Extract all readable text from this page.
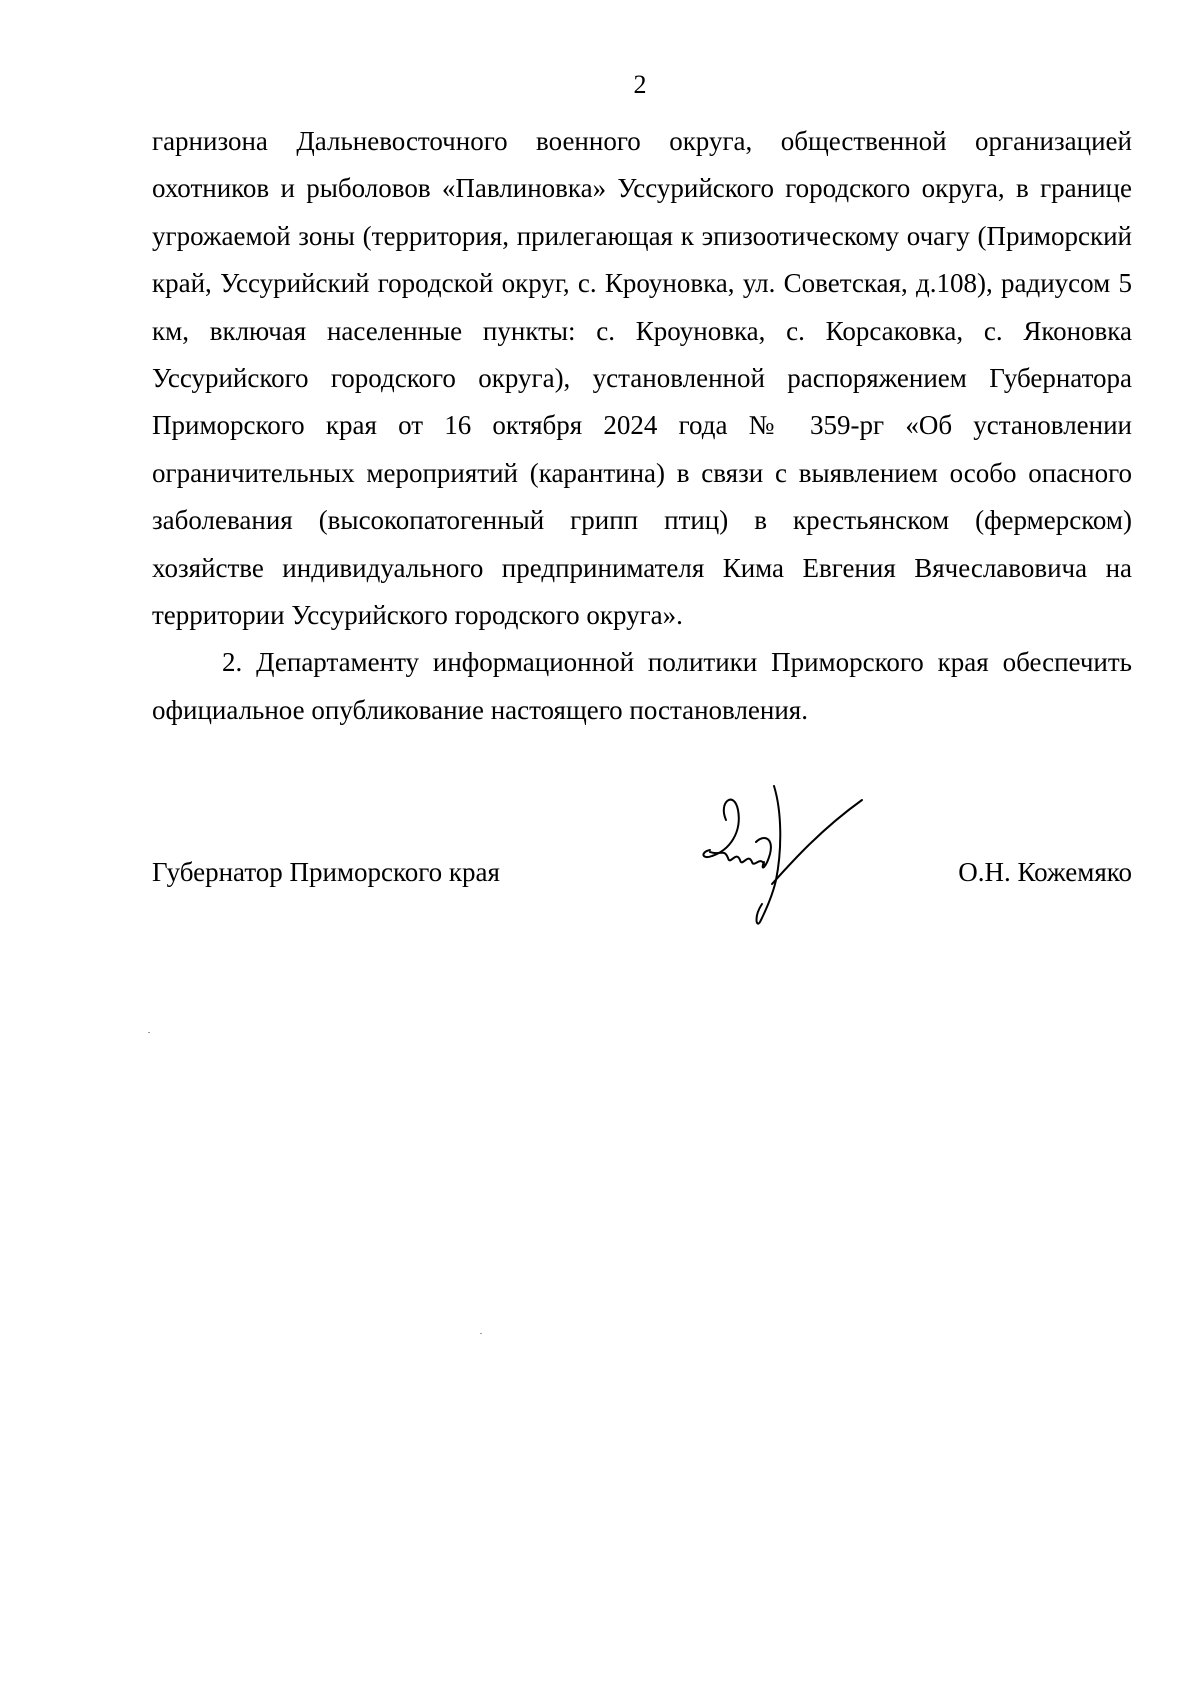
2

гарнизона Дальневосточного военного округа, общественной организацией охотников и рыболовов «Павлиновка» Уссурийского городского округа, в границе угрожаемой зоны (территория, прилегающая к эпизоотическому очагу (Приморский край, Уссурийский городской округ, с. Кроуновка, ул. Советская, д.108), радиусом 5 км, включая населенные пункты: с. Кроуновка, с. Корсаковка, с. Яконовка Уссурийского городского округа), установленной распоряжением Губернатора Приморского края от 16 октября 2024 года № 359-рг «Об установлении ограничительных мероприятий (карантина) в связи с выявлением особо опасного заболевания (высокопатогенный грипп птиц) в крестьянском (фермерском) хозяйстве индивидуального предпринимателя Кима Евгения Вячеславовича на территории Уссурийского городского округа».

2. Департаменту информационной политики Приморского края обеспечить официальное опубликование настоящего постановления.

Губернатор Приморского края	О.Н. Кожемяко
